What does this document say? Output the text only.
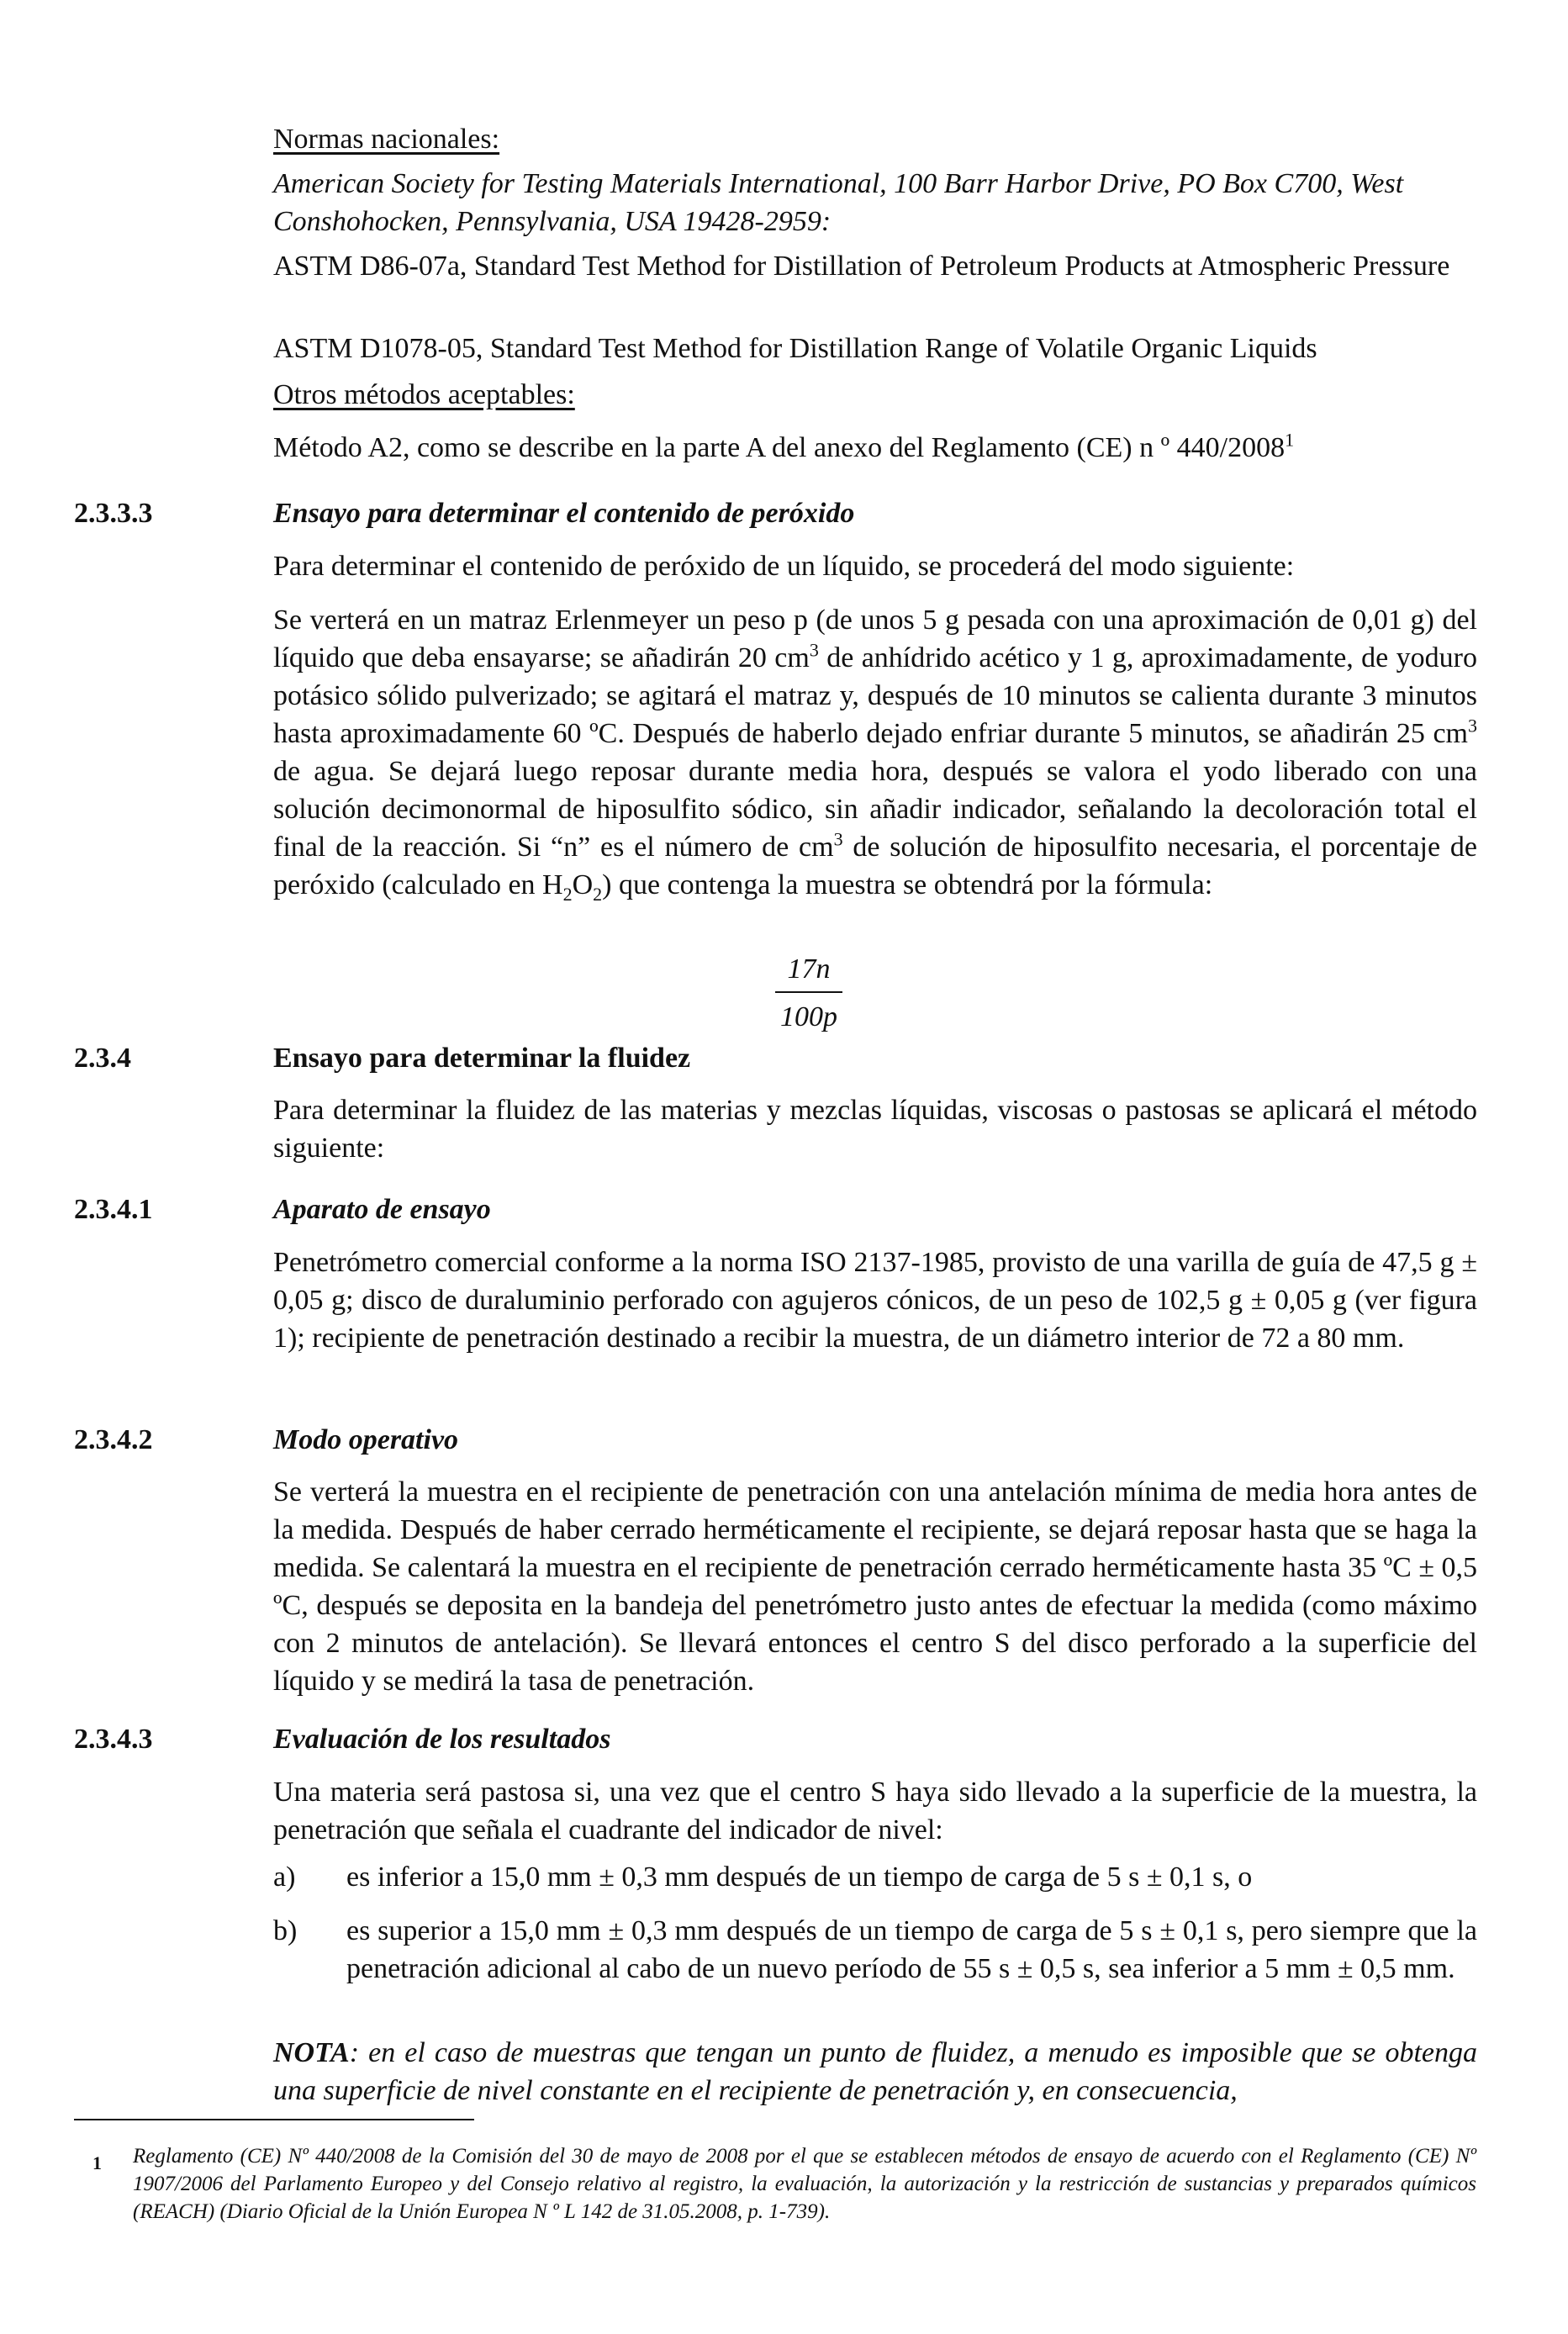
Normas nacionales:

American Society for Testing Materials International, 100 Barr Harbor Drive, PO Box C700, West Conshohocken, Pennsylvania, USA 19428-2959:

ASTM D86-07a, Standard Test Method for Distillation of Petroleum Products at Atmospheric Pressure

ASTM D1078-05, Standard Test Method for Distillation Range of Volatile Organic Liquids

Otros métodos aceptables:

Método A2, como se describe en la parte A del anexo del Reglamento (CE) n º 440/2008$^1$

2.3.3.3	Ensayo para determinar el contenido de peróxido

Para determinar el contenido de peróxido de un líquido, se procederá del modo siguiente:

Se verterá en un matraz Erlenmeyer un peso p (de unos 5 g pesada con una aproximación de 0,01 g) del líquido que deba ensayarse; se añadirán 20 $cm^3$ de anhídrido acético y 1 g, aproximadamente, de yoduro potásico sólido pulverizado; se agitará el matraz y, después de 10 minutos se calienta durante 3 minutos hasta aproximadamente 60 ºC. Después de haberlo dejado enfriar durante 5 minutos, se añadirán 25 $cm^3$ de agua. Se dejará luego reposar durante media hora, después se valora el yodo liberado con una solución decimonormal de hiposulfito sódico, sin añadir indicador, señalando la decoloración total el final de la reacción. Si “n” es el número de $cm^3$ de solución de hiposulfito necesaria, el porcentaje de peróxido (calculado en $H_2O_2$) que contenga la muestra se obtendrá por la fórmula:

17n
100p

2.3.4	Ensayo para determinar la fluidez

Para determinar la fluidez de las materias y mezclas líquidas, viscosas o pastosas se aplicará el método siguiente:

2.3.4.1	Aparato de ensayo

Penetrómetro comercial conforme a la norma ISO 2137-1985, provisto de una varilla de guía de 47,5 g ± 0,05 g; disco de duraluminio perforado con agujeros cónicos, de un peso de 102,5 g ± 0,05 g (ver figura 1); recipiente de penetración destinado a recibir la muestra, de un diámetro interior de 72 a 80 mm.

2.3.4.2	Modo operativo

Se verterá la muestra en el recipiente de penetración con una antelación mínima de media hora antes de la medida. Después de haber cerrado herméticamente el recipiente, se dejará reposar hasta que se haga la medida. Se calentará la muestra en el recipiente de penetración cerrado herméticamente hasta 35 ºC ± 0,5 ºC, después se deposita en la bandeja del penetrómetro justo antes de efectuar la medida (como máximo con 2 minutos de antelación). Se llevará entonces el centro S del disco perforado a la superficie del líquido y se medirá la tasa de penetración.

2.3.4.3	Evaluación de los resultados

Una materia será pastosa si, una vez que el centro S haya sido llevado a la superficie de la muestra, la penetración que señala el cuadrante del indicador de nivel:

a) es inferior a 15,0 mm ± 0,3 mm después de un tiempo de carga de 5 s ± 0,1 s, o

b) es superior a 15,0 mm ± 0,3 mm después de un tiempo de carga de 5 s ± 0,1 s, pero siempre que la penetración adicional al cabo de un nuevo período de 55 s ± 0,5 s, sea inferior a 5 mm ± 0,5 mm.

NOTA: en el caso de muestras que tengan un punto de fluidez, a menudo es imposible que se obtenga una superficie de nivel constante en el recipiente de penetración y, en consecuencia,

1 Reglamento (CE) Nº 440/2008 de la Comisión del 30 de mayo de 2008 por el que se establecen métodos de ensayo de acuerdo con el Reglamento (CE) Nº 1907/2006 del Parlamento Europeo y del Consejo relativo al registro, la evaluación, la autorización y la restricción de sustancias y preparados químicos (REACH) (Diario Oficial de la Unión Europea N º L 142 de 31.05.2008, p. 1-739).
